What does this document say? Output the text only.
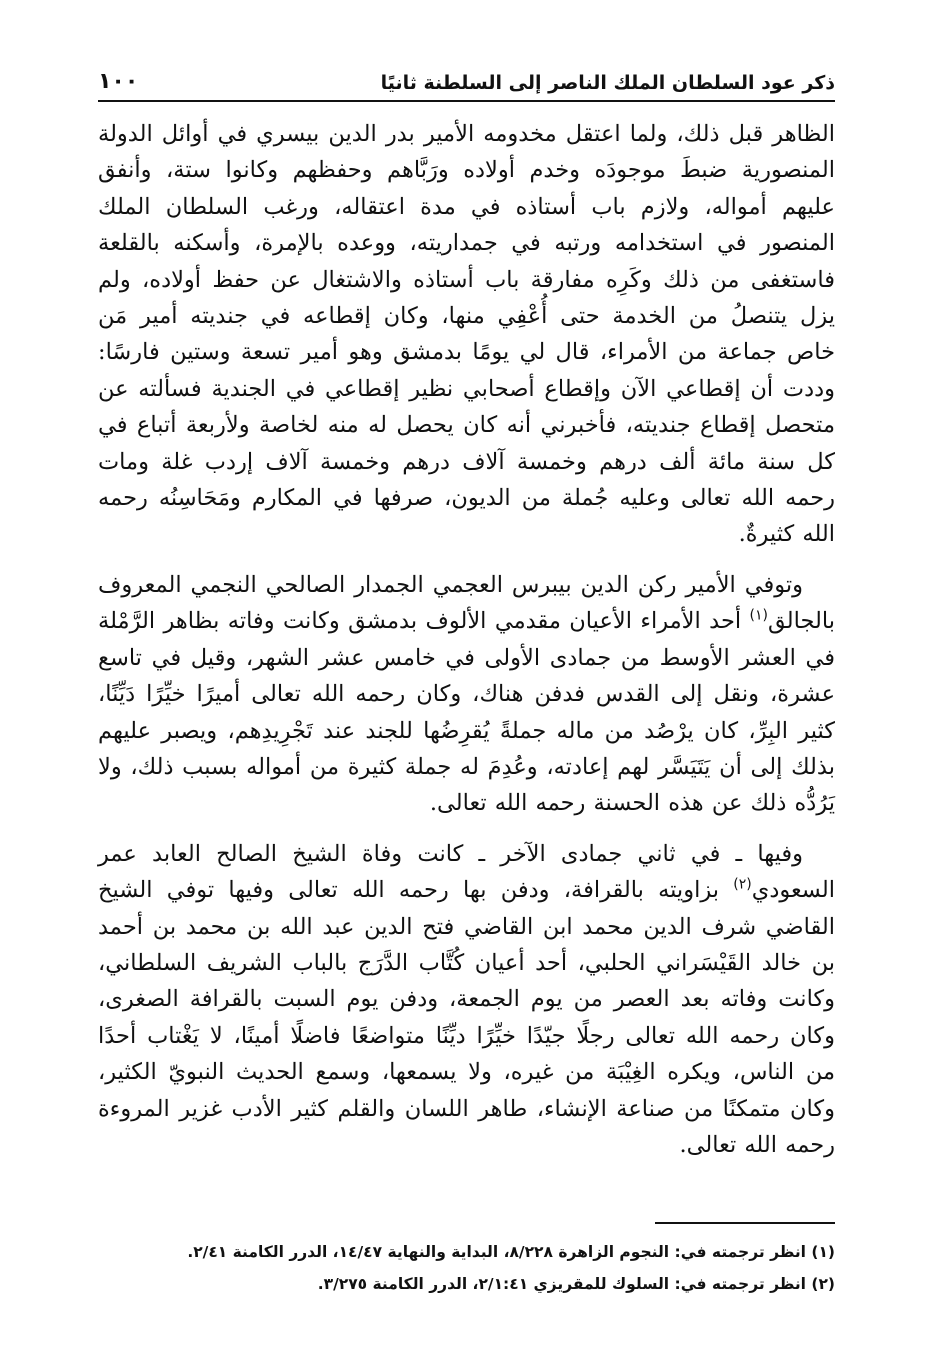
ذكر عود السلطان الملك الناصر إلى السلطنة ثانيًا
١٠٠

الظاهر قبل ذلك، ولما اعتقل مخدومه الأمير بدر الدين بيسري في أوائل الدولة المنصورية ضبطَ موجودَه وخدم أولاده ورَبَّاهم وحفظهم وكانوا ستة، وأنفق عليهم أمواله، ولازم باب أستاذه في مدة اعتقاله، ورغب السلطان الملك المنصور في استخدامه ورتبه في جمداريته، ووعده بالإمرة، وأسكنه بالقلعة فاستغفى من ذلك وكَرِه مفارقة باب أستاذه والاشتغال عن حفظ أولاده، ولم يزل يتنصلُ من الخدمة حتى أُعْفِي منها، وكان إقطاعه في جنديته أمير مَن خاص جماعة من الأمراء، قال لي يومًا بدمشق وهو أمير تسعة وستين فارسًا: وددت أن إقطاعي الآن وإقطاع أصحابي نظير إقطاعي في الجندية فسألته عن متحصل إقطاع جنديته، فأخبرني أنه كان يحصل له منه لخاصة ولأربعة أتباع في كل سنة مائة ألف درهم وخمسة آلاف درهم وخمسة آلاف إردب غلة ومات رحمه الله تعالى وعليه جُملة من الديون، صرفها في المكارم ومَحَاسِنُه رحمه الله كثيرةٌ.

وتوفي الأمير ركن الدين بيبرس العجمي الجمدار الصالحي النجمي المعروف بالجالق$^{(١)}$ أحد الأمراء الأعيان مقدمي الألوف بدمشق وكانت وفاته بظاهر الرَّمْلة في العشر الأوسط من جمادى الأولى في خامس عشر الشهر، وقيل في تاسع عشرة، ونقل إلى القدس فدفن هناك، وكان رحمه الله تعالى أميرًا خيِّرًا دَيِّنًا، كثير البِرِّ، كان يرْصُد من ماله جملةً يُقرِضُها للجند عند تَجْرِيدِهم، ويصبر عليهم بذلك إلى أن يَتَيَسَّر لهم إعادته، وعُدِمَ له جملة كثيرة من أمواله بسبب ذلك، ولا يَرُدُّه ذلك عن هذه الحسنة رحمه الله تعالى.

وفيها ـ في ثاني جمادى الآخر ـ كانت وفاة الشيخ الصالح العابد عمر السعودي$^{(٢)}$ بزاويته بالقرافة، ودفن بها رحمه الله تعالى وفيها توفي الشيخ القاضي شرف الدين محمد ابن القاضي فتح الدين عبد الله بن محمد بن أحمد بن خالد القَيْسَراني الحلبي، أحد أعيان كُتَّاب الدَّرَج بالباب الشريف السلطاني، وكانت وفاته بعد العصر من يوم الجمعة، ودفن يوم السبت بالقرافة الصغرى، وكان رحمه الله تعالى رجلًا جيّدًا خيِّرًا ديِّنًا متواضعًا فاضلًا أمينًا، لا يَغْتاب أحدًا من الناس، ويكره الغِيْبَة من غيره، ولا يسمعها، وسمع الحديث النبويّ الكثير، وكان متمكنًا من صناعة الإنشاء، طاهر اللسان والقلم كثير الأدب غزير المروءة رحمه الله تعالى.

(١) انظر ترجمته في: النجوم الزاهرة ٨/٢٢٨، البداية والنهاية ١٤/٤٧، الدرر الكامنة ٢/٤١.

(٢) انظر ترجمته في: السلوك للمقريزي ٢/١:٤١، الدرر الكامنة ٣/٢٧٥.
